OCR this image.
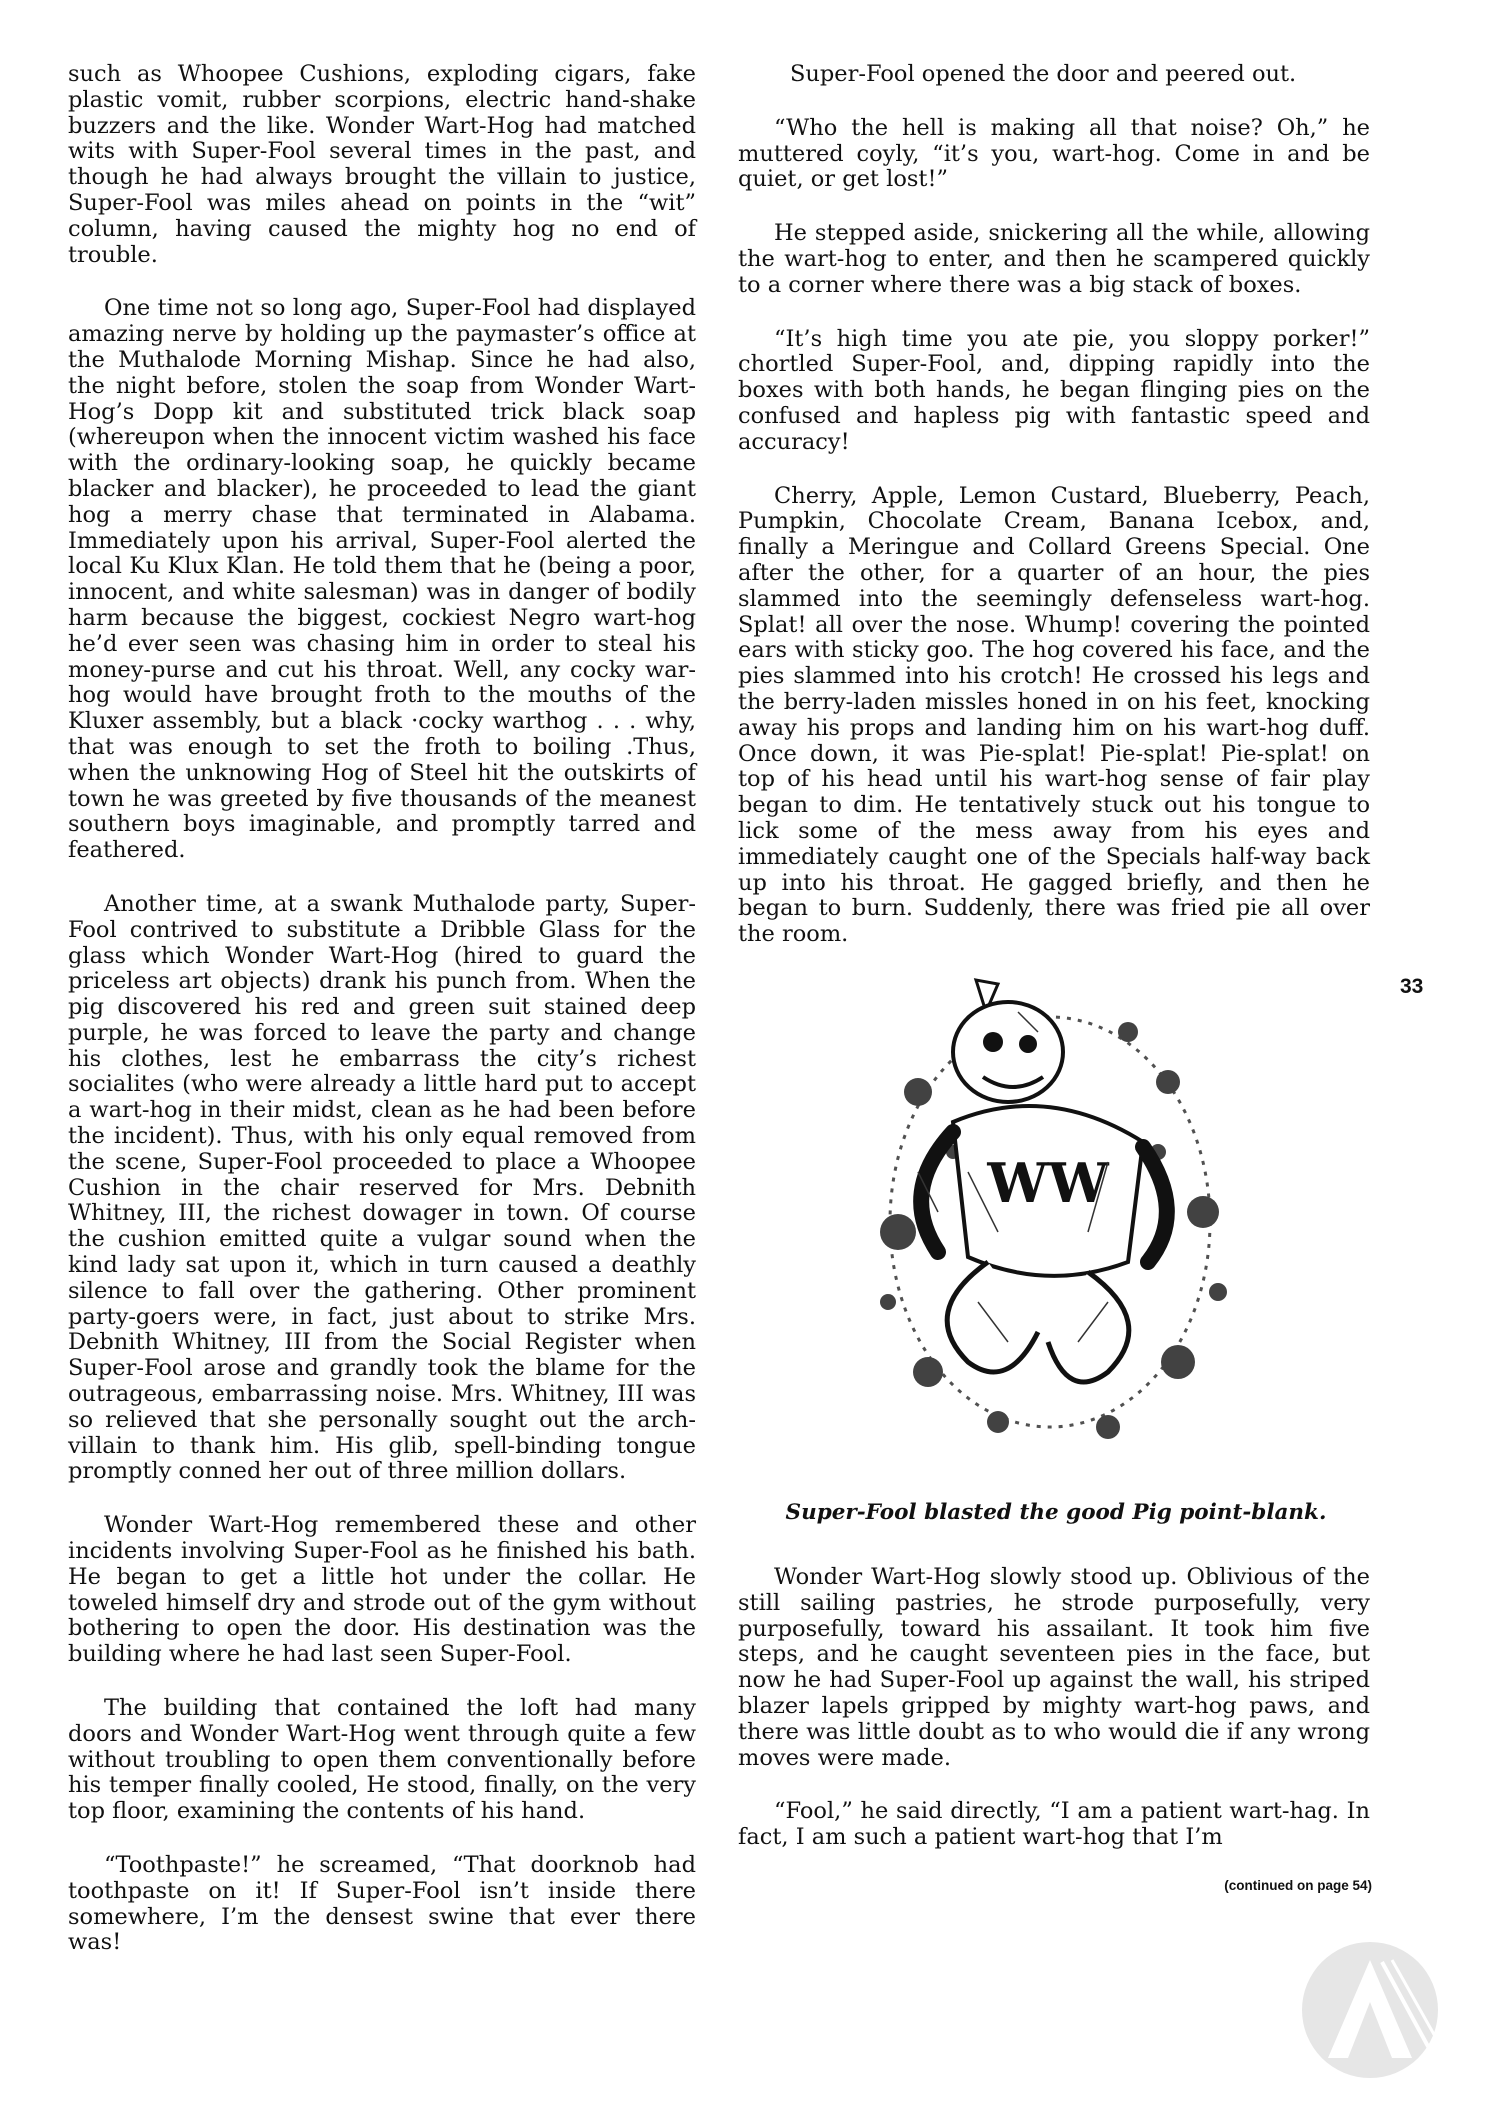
such as Whoopee Cushions, exploding cigars, fake plastic vomit, rubber scorpions, electric hand-shake buzzers and the like. Wonder Wart-Hog had matched wits with Super-Fool several times in the past, and though he had always brought the villain to justice, Super-Fool was miles ahead on points in the “wit” column, having caused the mighty hog no end of trouble.

One time not so long ago, Super-Fool had displayed amazing nerve by holding up the paymaster’s office at the Muthalode Morning Mishap. Since he had also, the night before, stolen the soap from Wonder Wart-Hog’s Dopp kit and substituted trick black soap (whereupon when the innocent victim washed his face with the ordinary-looking soap, he quickly became blacker and blacker), he proceeded to lead the giant hog a merry chase that terminated in Alabama. Immediately upon his arrival, Super-Fool alerted the local Ku Klux Klan. He told them that he (being a poor, innocent, and white salesman) was in danger of bodily harm because the biggest, cockiest Negro wart-hog he’d ever seen was chasing him in order to steal his money-purse and cut his throat. Well, any cocky war-hog would have brought froth to the mouths of the Kluxer assembly, but a black ·cocky warthog . . . why, that was enough to set the froth to boiling .Thus, when the unknowing Hog of Steel hit the outskirts of town he was greeted by five thousands of the meanest southern boys imaginable, and promptly tarred and feathered.

Another time, at a swank Muthalode party, Super-Fool contrived to substitute a Dribble Glass for the glass which Wonder Wart-Hog (hired to guard the priceless art objects) drank his punch from. When the pig discovered his red and green suit stained deep purple, he was forced to leave the party and change his clothes, lest he embarrass the city’s richest socialites (who were already a little hard put to accept a wart-hog in their midst, clean as he had been before the incident). Thus, with his only equal removed from the scene, Super-Fool proceeded to place a Whoopee Cushion in the chair reserved for Mrs. Debnith Whitney, III, the richest dowager in town. Of course the cushion emitted quite a vulgar sound when the kind lady sat upon it, which in turn caused a deathly silence to fall over the gathering. Other prominent party-goers were, in fact, just about to strike Mrs. Debnith Whitney, III from the Social Register when Super-Fool arose and grandly took the blame for the outrageous, embarrassing noise. Mrs. Whitney, III was so relieved that she personally sought out the arch-villain to thank him. His glib, spell-binding tongue promptly conned her out of three million dollars.

Wonder Wart-Hog remembered these and other incidents involving Super-Fool as he finished his bath. He began to get a little hot under the collar. He toweled himself dry and strode out of the gym without bothering to open the door. His destination was the building where he had last seen Super-Fool.

The building that contained the loft had many doors and Wonder Wart-Hog went through quite a few without troubling to open them conventionally before his temper finally cooled, He stood, finally, on the very top floor, examining the contents of his hand.

“Toothpaste!” he screamed, “That doorknob had toothpaste on it! If Super-Fool isn’t inside there somewhere, I’m the densest swine that ever there was!

Super-Fool opened the door and peered out.

“Who the hell is making all that noise? Oh,” he muttered coyly, “it’s you, wart-hog. Come in and be quiet, or get lost!”

He stepped aside, snickering all the while, allowing the wart-hog to enter, and then he scampered quickly to a corner where there was a big stack of boxes.

“It’s high time you ate pie, you sloppy porker!” chortled Super-Fool, and, dipping rapidly into the boxes with both hands, he began flinging pies on the confused and hapless pig with fantastic speed and accuracy!

Cherry, Apple, Lemon Custard, Blueberry, Peach, Pumpkin, Chocolate Cream, Banana Icebox, and, finally a Meringue and Collard Greens Special. One after the other, for a quarter of an hour, the pies slammed into the seemingly defenseless wart-hog. Splat! all over the nose. Whump! covering the pointed ears with sticky goo. The hog covered his face, and the pies slammed into his crotch! He crossed his legs and the berry-laden missles honed in on his feet, knocking away his props and landing him on his wart-hog duff. Once down, it was Pie-splat! Pie-splat! Pie-splat! on top of his head until his wart-hog sense of fair play began to dim. He tentatively stuck out his tongue to lick some of the mess away from his eyes and immediately caught one of the Specials half-way back up into his throat. He gagged briefly, and then he began to burn. Suddenly, there was fried pie all over the room.

33

WW

Super-Fool blasted the good Pig point-blank.

Wonder Wart-Hog slowly stood up. Oblivious of the still sailing pastries, he strode purposefully, very purposefully, toward his assailant. It took him five steps, and he caught seventeen pies in the face, but now he had Super-Fool up against the wall, his striped blazer lapels gripped by mighty wart-hog paws, and there was little doubt as to who would die if any wrong moves were made.

“Fool,” he said directly, “I am a patient wart-hag. In fact, I am such a patient wart-hog that I’m

(continued on page 54)
